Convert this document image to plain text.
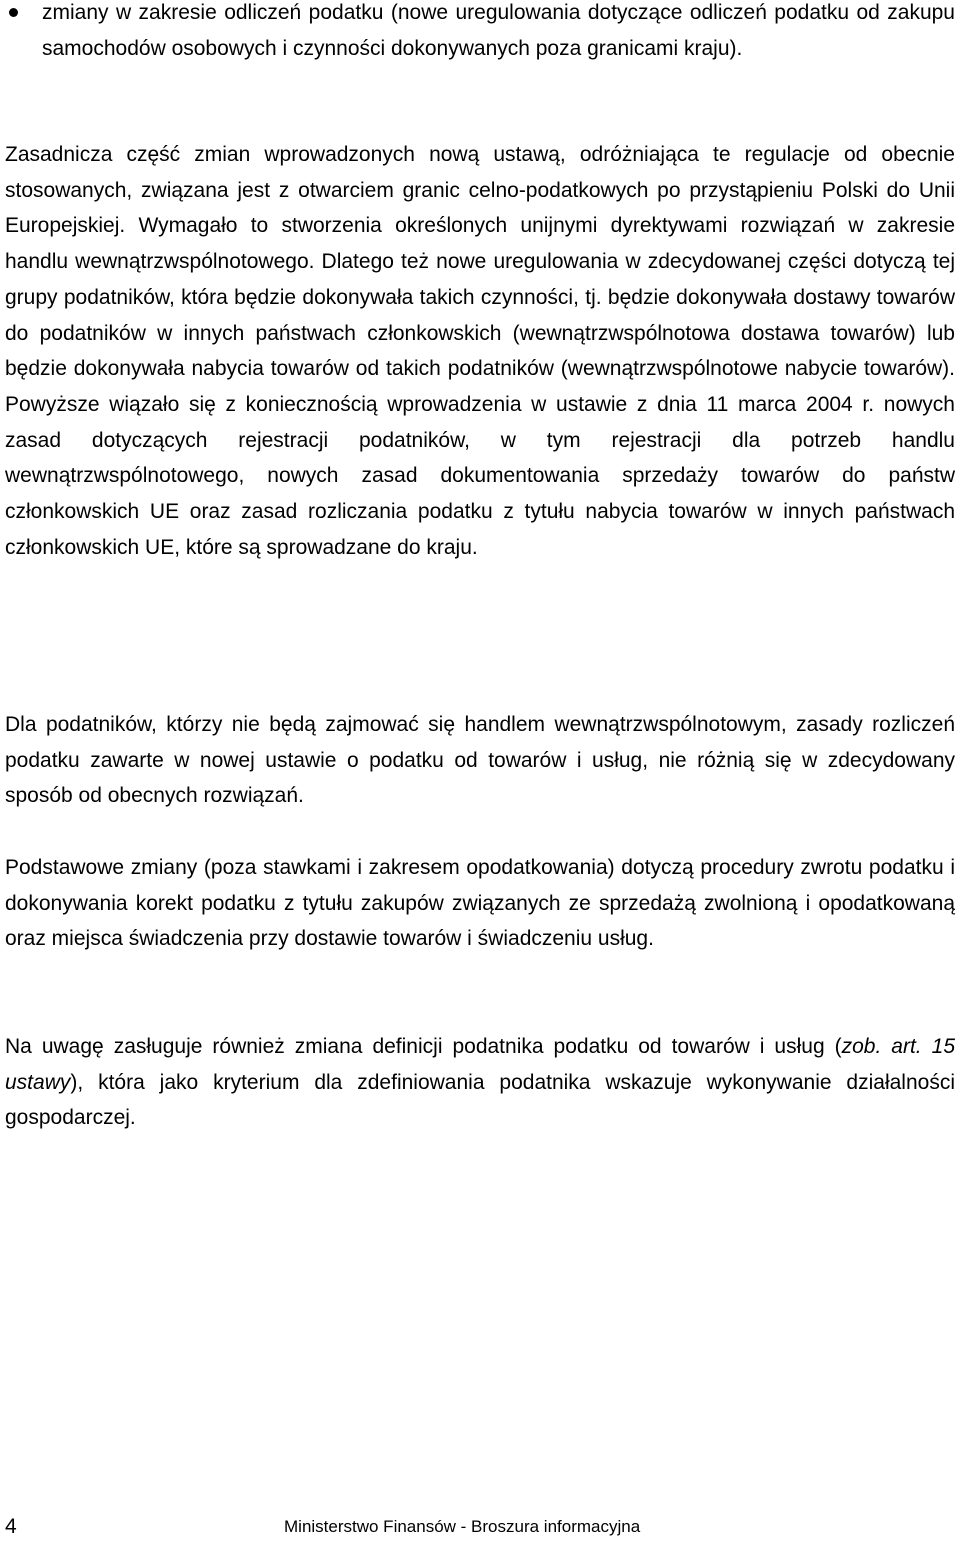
zmiany w zakresie odliczeń podatku (nowe uregulowania dotyczące odliczeń podatku od zakupu samochodów osobowych i czynności dokonywanych poza granicami kraju).

Zasadnicza część zmian wprowadzonych nową ustawą, odróżniająca te regulacje od obecnie stosowanych, związana jest z otwarciem granic celno-podatkowych po przystąpieniu Polski do Unii Europejskiej. Wymagało to stworzenia określonych unijnymi dyrektywami rozwiązań w zakresie handlu wewnątrzwspólnotowego. Dlatego też nowe uregulowania w zdecydowanej części dotyczą tej grupy podatników, która będzie dokonywała takich czynności, tj. będzie dokonywała dostawy towarów do podatników w innych państwach członkowskich (wewnątrzwspólnotowa dostawa towarów) lub będzie dokonywała nabycia towarów od takich podatników (wewnątrzwspólnotowe nabycie towarów). Powyższe wiązało się z koniecznością wprowadzenia w ustawie z dnia 11 marca 2004 r. nowych zasad dotyczących rejestracji podatników, w tym rejestracji dla potrzeb handlu wewnątrzwspólnotowego, nowych zasad dokumentowania sprzedaży towarów do państw członkowskich UE oraz zasad rozliczania podatku z tytułu nabycia towarów w innych państwach członkowskich UE, które są sprowadzane do kraju.

Dla podatników, którzy nie będą zajmować się handlem wewnątrzwspólnotowym, zasady rozliczeń podatku zawarte w nowej ustawie o podatku od towarów i usług, nie różnią się w zdecydowany sposób od obecnych rozwiązań.

Podstawowe zmiany (poza stawkami i zakresem opodatkowania) dotyczą procedury zwrotu podatku i dokonywania korekt podatku z tytułu zakupów związanych ze sprzedażą zwolnioną i opodatkowaną oraz miejsca świadczenia przy dostawie towarów i świadczeniu usług.

Na uwagę zasługuje również zmiana definicji podatnika podatku od towarów i usług (zob. art. 15 ustawy), która jako kryterium dla zdefiniowania podatnika wskazuje wykonywanie działalności gospodarczej.

4	Ministerstwo Finansów - Broszura informacyjna
